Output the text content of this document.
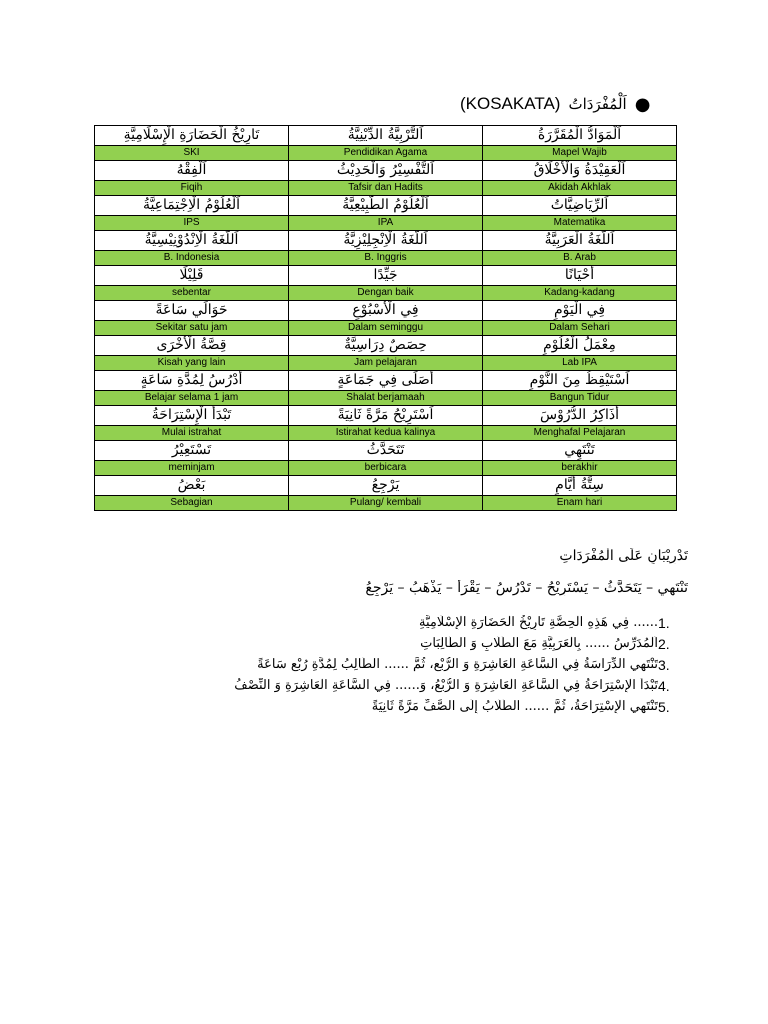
●
اَلْمُفْرَدَاتُ
(KOSAKATA)
تَارِيْخُ الْحَضَارَةِ الْإِسْلَامِيَّةِ	اَلتَّرْبِيَّةُ الدِّيْنِيَّةُ	اَلْمَوَادُّ الْمُقَرَّرَةُ
SKI	Pendidikan Agama	Mapel Wajib
اَلْفِقْهُ	اَلتَّفْسِيْرُ وَالْحَدِيْثُ	اَلْعَقِيْدَةُ وَالْأَخْلَاقُ
Fiqih	Tafsir dan Hadits	Akidah Akhlak
اَلْعُلُوْمُ الْاِجْتِمَاعِيَّةُ	اَلْعُلُوْمُ الطَّبِيْعِيَّةُ	اَلرِّيَاضِيَّاتُ
IPS	IPA	Matematika
اَللُّغَةُ الْاِنْدُوْنِيْسِيَّةُ	اَللُّغَةُ الْاِنْجِلِيْزِيَّةُ	اَللُّغَةُ الْعَرَبِيَّةُ
B. Indonesia	B. Inggris	B. Arab
قَلِيْلًا	جَيِّدًا	أَحْيَانًا
sebentar	Dengan baik	Kadang-kadang
حَوَالَي سَاعَةً	فِي الْأُسْبُوْعِ	فِي الْيَوْمِ
Sekitar satu jam	Dalam seminggu	Dalam Sehari
قِصَّةُ الْأُخْرَى	حِصَصٌ دِرَاسِيَّةٌ	مِعْمَلُ الْعُلُوْمِ
Kisah yang lain	Jam pelajaran	Lab IPA
أَدْرُسُ لِمُدَّةِ سَاعَةٍ	أُصَلِّى فِي جَمَاعَةٍ	اَسْتَيْقِظُ مِنَ النَّوْمِ
Belajar selama 1 jam	Shalat berjamaah	Bangun Tidur
تَبْدَأُ الْإِسْتِرَاحَةُ	اَسْتَرِيْحُ مَرَّةً ثَانِيَةً	أَذَاكِرُ الدُّرُوْسَ
Mulai istrahat	Istirahat kedua kalinya	Menghafal Pelajaran
تَسْتَعِيْرُ	تَتَحَدَّثُ	تَنْتَهِي
meminjam	berbicara	berakhir
بَعْضُ	يَرْجِعُ	سِتَّةُ أَيَّامٍ
Sebagian	Pulang/ kembali	Enam hari
تَدْرِيْبَانِ عَلَى الْمُفْرَدَاتِ
تَنْتَهِي – يَتَحَدَّثُ – يَسْتَرِيْحُ – تَدْرُسُ – يَقْرَأُ – يَذْهَبُ – يَرْجِعُ
1.
...... فِي هَذِهِ الْحِصَّةِ تَارِيْخُ الْحَضَارَةِ الْإِسْلَامِيَّةِ
2.
اَلْمُدَرِّسُ ...... بِالْعَرَبِيَّةِ مَعَ الطُّلَّابِ وَ الطَّالِبَاتِ
3.
تَنْتَهِي الدِّرَاسَةُ فِي السَّاعَةِ الْعَاشِرَةِ وَ الرُّبْعِ، ثُمَّ ...... الطَّالِبُ لِمُدَّةِ رُبْعِ سَاعَةً
4.
تَبْدَأُ الْإِسْتِرَاحَةُ فِي السَّاعَةِ الْعَاشِرَةِ وَ الرُّبْعُ، وَ...... فِي السَّاعَةِ الْعَاشِرَةِ وَ النِّصْفُ
5.
تَنْتَهِي الْإِسْتِرَاحَةُ، ثُمَّ ...... الطُّلَّابُ إِلَى الصَّفِّ مَرَّةً ثَانِيَةً
